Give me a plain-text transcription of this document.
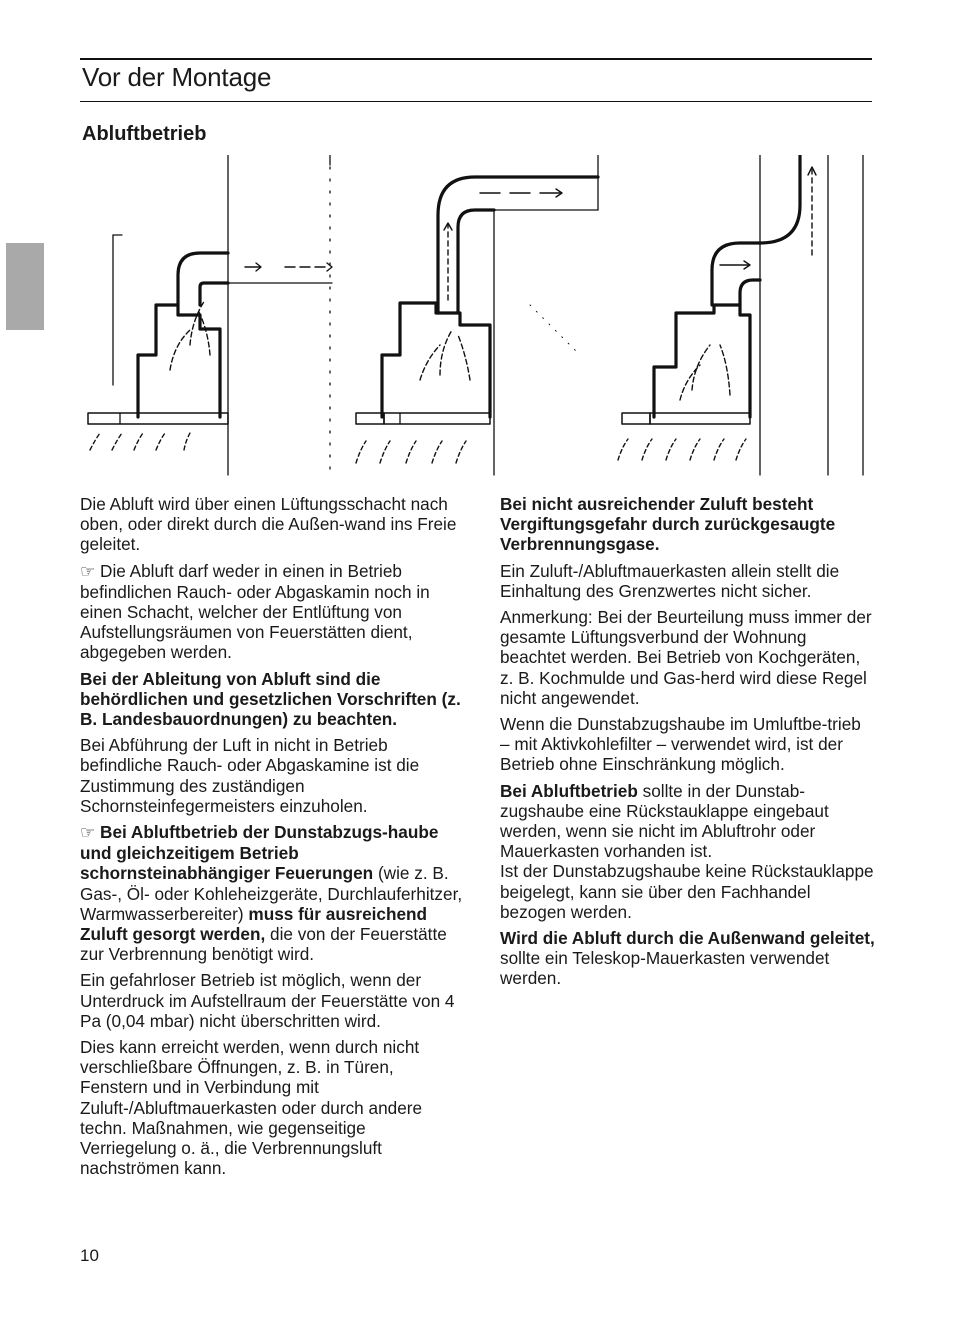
Vor der Montage
Abluftbetrieb

Die Abluft wird über einen Lüftungsschacht nach oben, oder direkt durch die Außen-wand ins Freie geleitet.

☞ Die Abluft darf weder in einen in Betrieb befindlichen Rauch- oder Abgaskamin noch in einen Schacht, welcher der Entlüftung von Aufstellungsräumen von Feuerstätten dient, abgegeben werden.

Bei der Ableitung von Abluft sind die behördlichen und gesetzlichen Vorschriften (z. B. Landesbauordnungen) zu beachten.

Bei Abführung der Luft in nicht in Betrieb befindliche Rauch- oder Abgaskamine ist die Zustimmung des zuständigen Schornsteinfegermeisters einzuholen.

☞ Bei Abluftbetrieb der Dunstabzugs-haube und gleichzeitigem Betrieb schornsteinabhängiger Feuerungen (wie z. B. Gas-, Öl- oder Kohleheizgeräte, Durchlauferhitzer, Warmwasserbereiter) muss für ausreichend Zuluft gesorgt werden, die von der Feuerstätte zur Verbrennung benötigt wird.

Ein gefahrloser Betrieb ist möglich, wenn der Unterdruck im Aufstellraum der Feuerstätte von 4 Pa (0,04 mbar) nicht überschritten wird.

Dies kann erreicht werden, wenn durch nicht verschließbare Öffnungen, z. B. in Türen, Fenstern und in Verbindung mit Zuluft-/Abluftmauerkasten oder durch andere techn. Maßnahmen, wie gegenseitige Verriegelung o. ä., die Verbrennungsluft nachströmen kann.

Bei nicht ausreichender Zuluft besteht Vergiftungsgefahr durch zurückgesaugte Verbrennungsgase.

Ein Zuluft-/Abluftmauerkasten allein stellt die Einhaltung des Grenzwertes nicht sicher.

Anmerkung: Bei der Beurteilung muss immer der gesamte Lüftungsverbund der Wohnung beachtet werden. Bei Betrieb von Kochgeräten, z. B. Kochmulde und Gas-herd wird diese Regel nicht angewendet.

Wenn die Dunstabzugshaube im Umluftbe-trieb – mit Aktivkohlefilter – verwendet wird, ist der Betrieb ohne Einschränkung möglich.

Bei Abluftbetrieb sollte in der Dunstab-zugshaube eine Rückstauklappe eingebaut werden, wenn sie nicht im Abluftrohr oder Mauerkasten vorhanden ist.
Ist der Dunstabzugshaube keine Rückstauklappe beigelegt, kann sie über den Fachhandel bezogen werden.

Wird die Abluft durch die Außenwand geleitet, sollte ein Teleskop-Mauerkasten verwendet werden.

10
